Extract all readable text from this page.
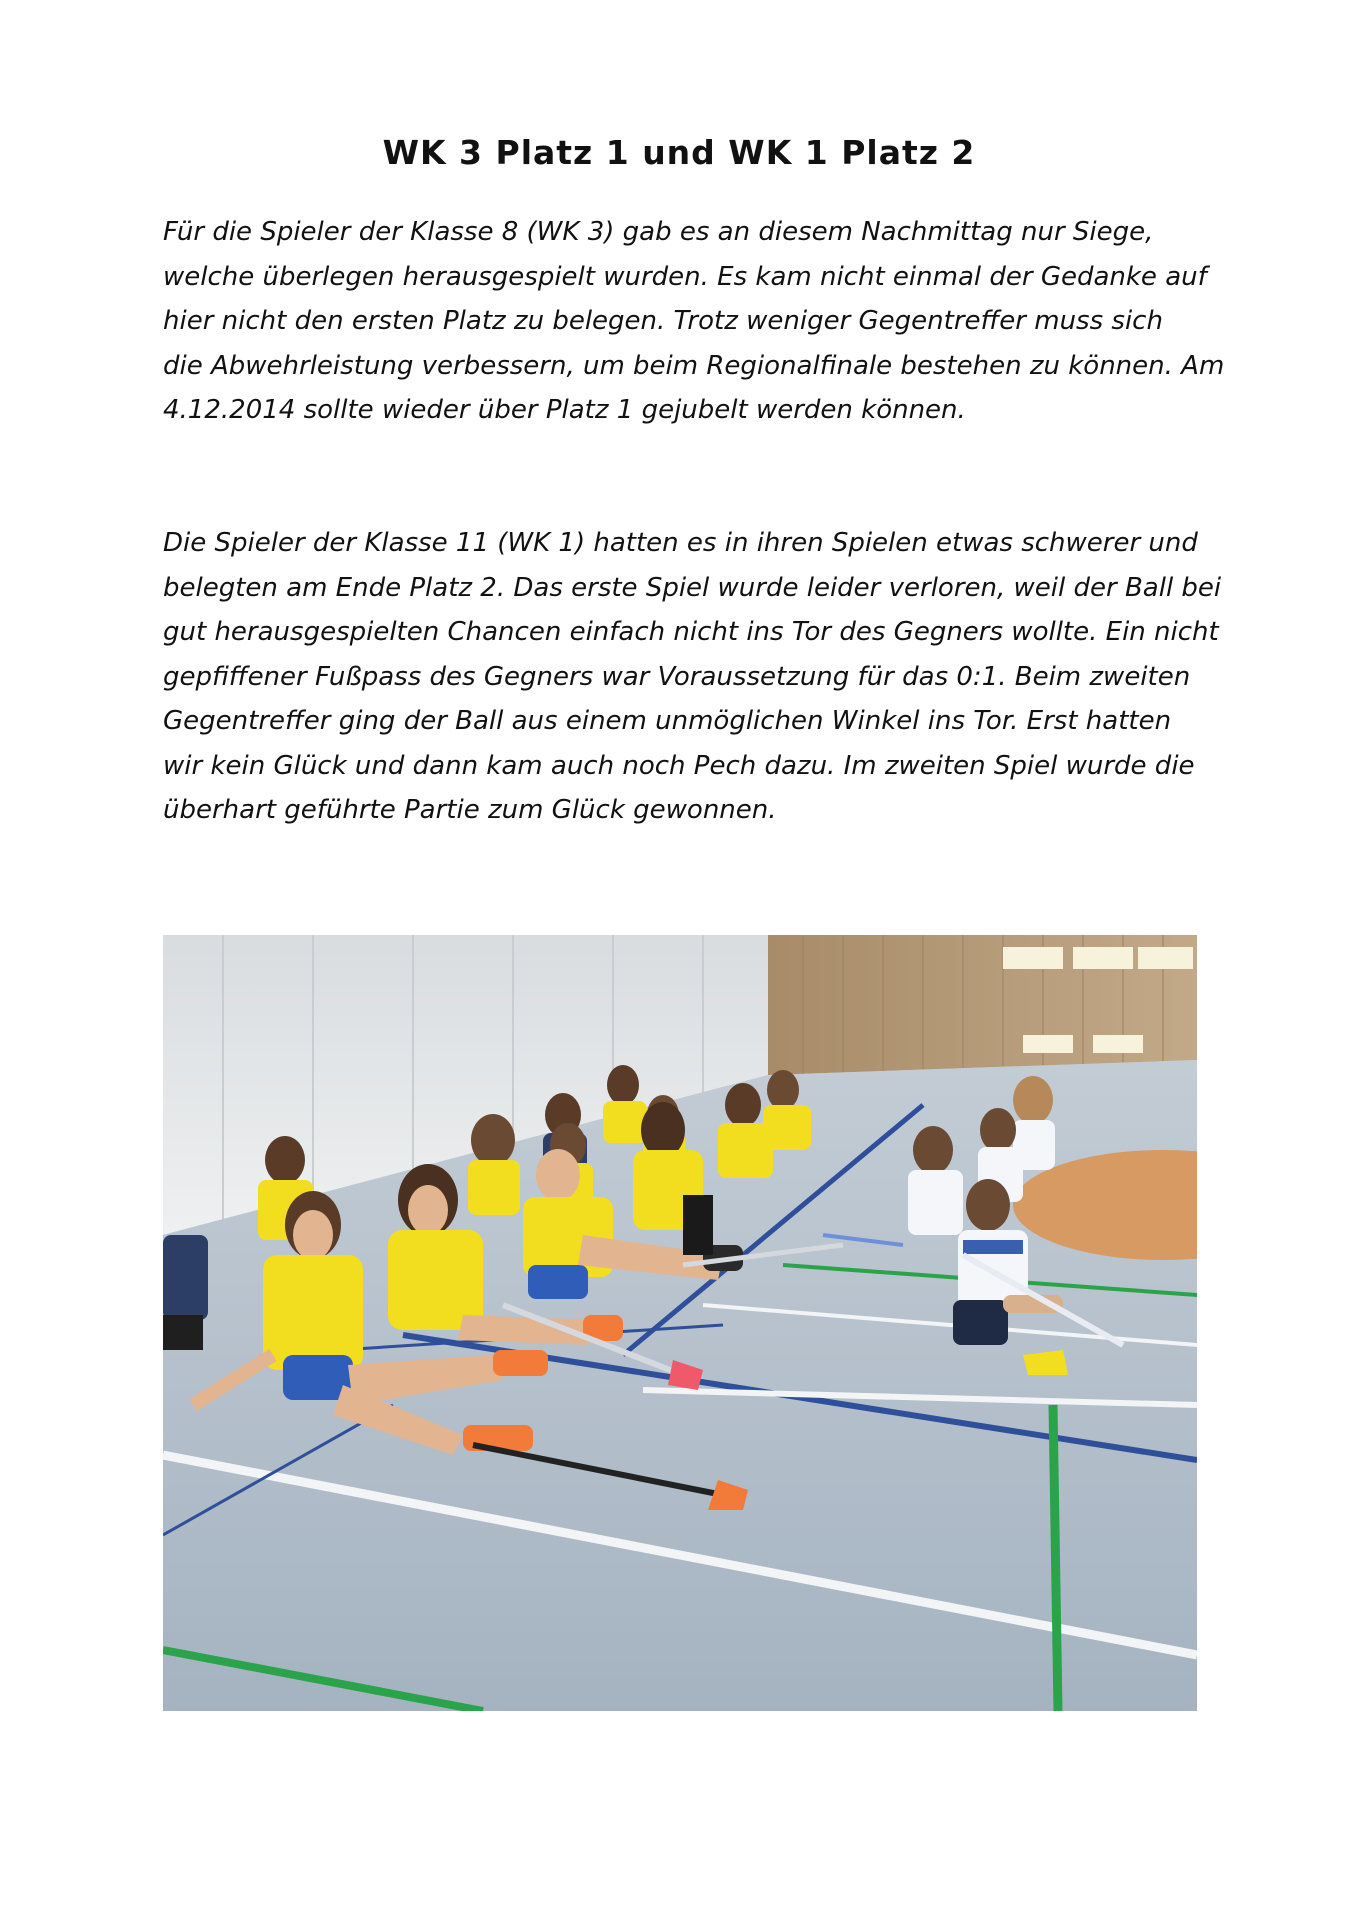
WK 3 Platz 1 und WK 1 Platz 2
Für die Spieler der Klasse 8 (WK 3) gab es an diesem Nachmittag nur Siege,
welche überlegen herausgespielt wurden. Es kam nicht einmal der Gedanke auf
hier nicht den ersten Platz zu belegen. Trotz weniger Gegentreffer muss sich
die Abwehrleistung verbessern, um beim Regionalfinale bestehen zu können. Am
4.12.2014 sollte wieder über Platz 1 gejubelt werden können.
Die Spieler der Klasse 11 (WK 1) hatten es in ihren Spielen etwas schwerer und
belegten am Ende Platz 2. Das erste Spiel wurde leider verloren, weil der Ball bei
gut herausgespielten Chancen einfach nicht ins Tor des Gegners wollte. Ein nicht
gepfiffener Fußpass des Gegners war Voraussetzung für das 0:1. Beim zweiten
Gegentreffer ging der Ball aus einem unmöglichen Winkel ins Tor. Erst hatten
wir kein Glück und dann kam auch noch Pech dazu. Im zweiten Spiel wurde die
überhart geführte Partie zum Glück gewonnen.
